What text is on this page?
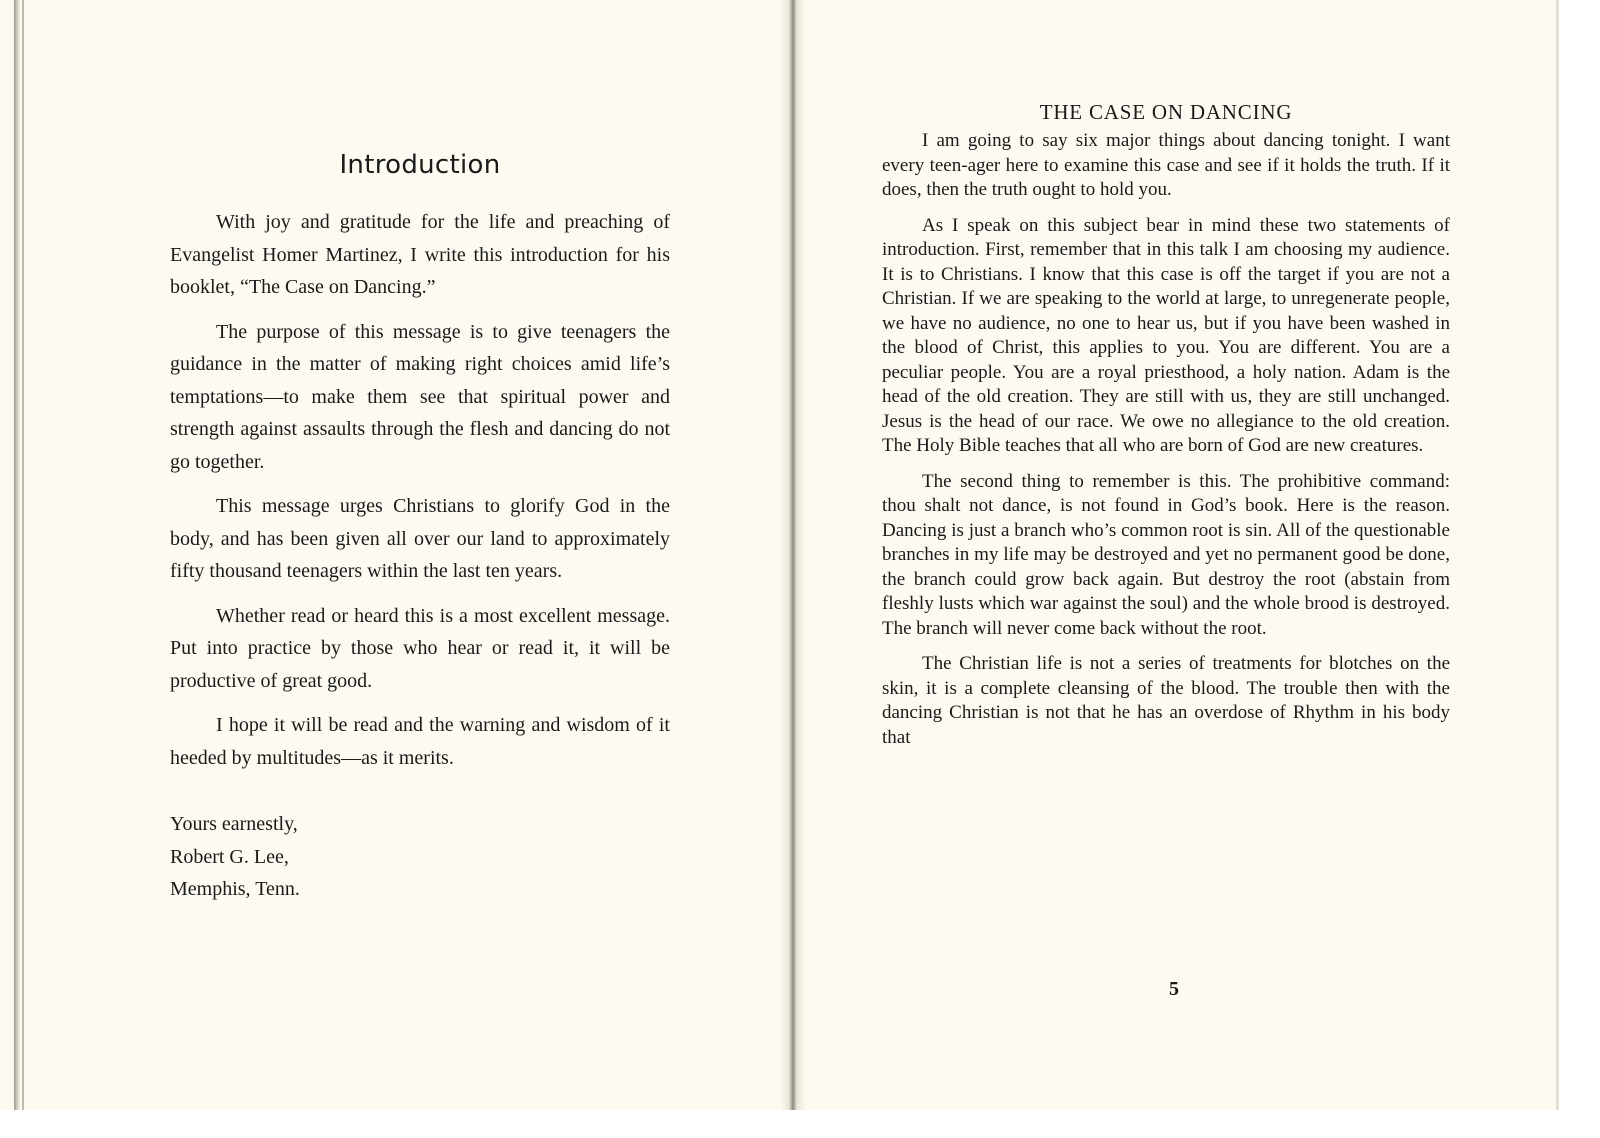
Introduction

With joy and gratitude for the life and preaching of Evangelist Homer Martinez, I write this introduction for his booklet, “The Case on Dancing.”

The purpose of this message is to give teenagers the guidance in the matter of making right choices amid life’s temptations—to make them see that spiritual power and strength against assaults through the flesh and dancing do not go together.

This message urges Christians to glorify God in the body, and has been given all over our land to approximately fifty thousand teenagers within the last ten years.

Whether read or heard this is a most excellent message. Put into practice by those who hear or read it, it will be productive of great good.

I hope it will be read and the warning and wisdom of it heeded by multitudes—as it merits.

Yours earnestly,
Robert G. Lee,
Memphis, Tenn.
THE CASE ON DANCING

I am going to say six major things about dancing tonight. I want every teen-ager here to examine this case and see if it holds the truth. If it does, then the truth ought to hold you.

As I speak on this subject bear in mind these two statements of introduction. First, remember that in this talk I am choosing my audience. It is to Christians. I know that this case is off the target if you are not a Christian. If we are speaking to the world at large, to unregenerate people, we have no audience, no one to hear us, but if you have been washed in the blood of Christ, this applies to you. You are different. You are a peculiar people. You are a royal priesthood, a holy nation. Adam is the head of the old creation. They are still with us, they are still unchanged. Jesus is the head of our race. We owe no allegiance to the old creation. The Holy Bible teaches that all who are born of God are new creatures.

The second thing to remember is this. The prohibitive command: thou shalt not dance, is not found in God’s book. Here is the reason. Dancing is just a branch who’s common root is sin. All of the questionable branches in my life may be destroyed and yet no permanent good be done, the branch could grow back again. But destroy the root (abstain from fleshly lusts which war against the soul) and the whole brood is destroyed. The branch will never come back without the root.

The Christian life is not a series of treatments for blotches on the skin, it is a complete cleansing of the blood. The trouble then with the dancing Christian is not that he has an overdose of Rhythm in his body that

5
